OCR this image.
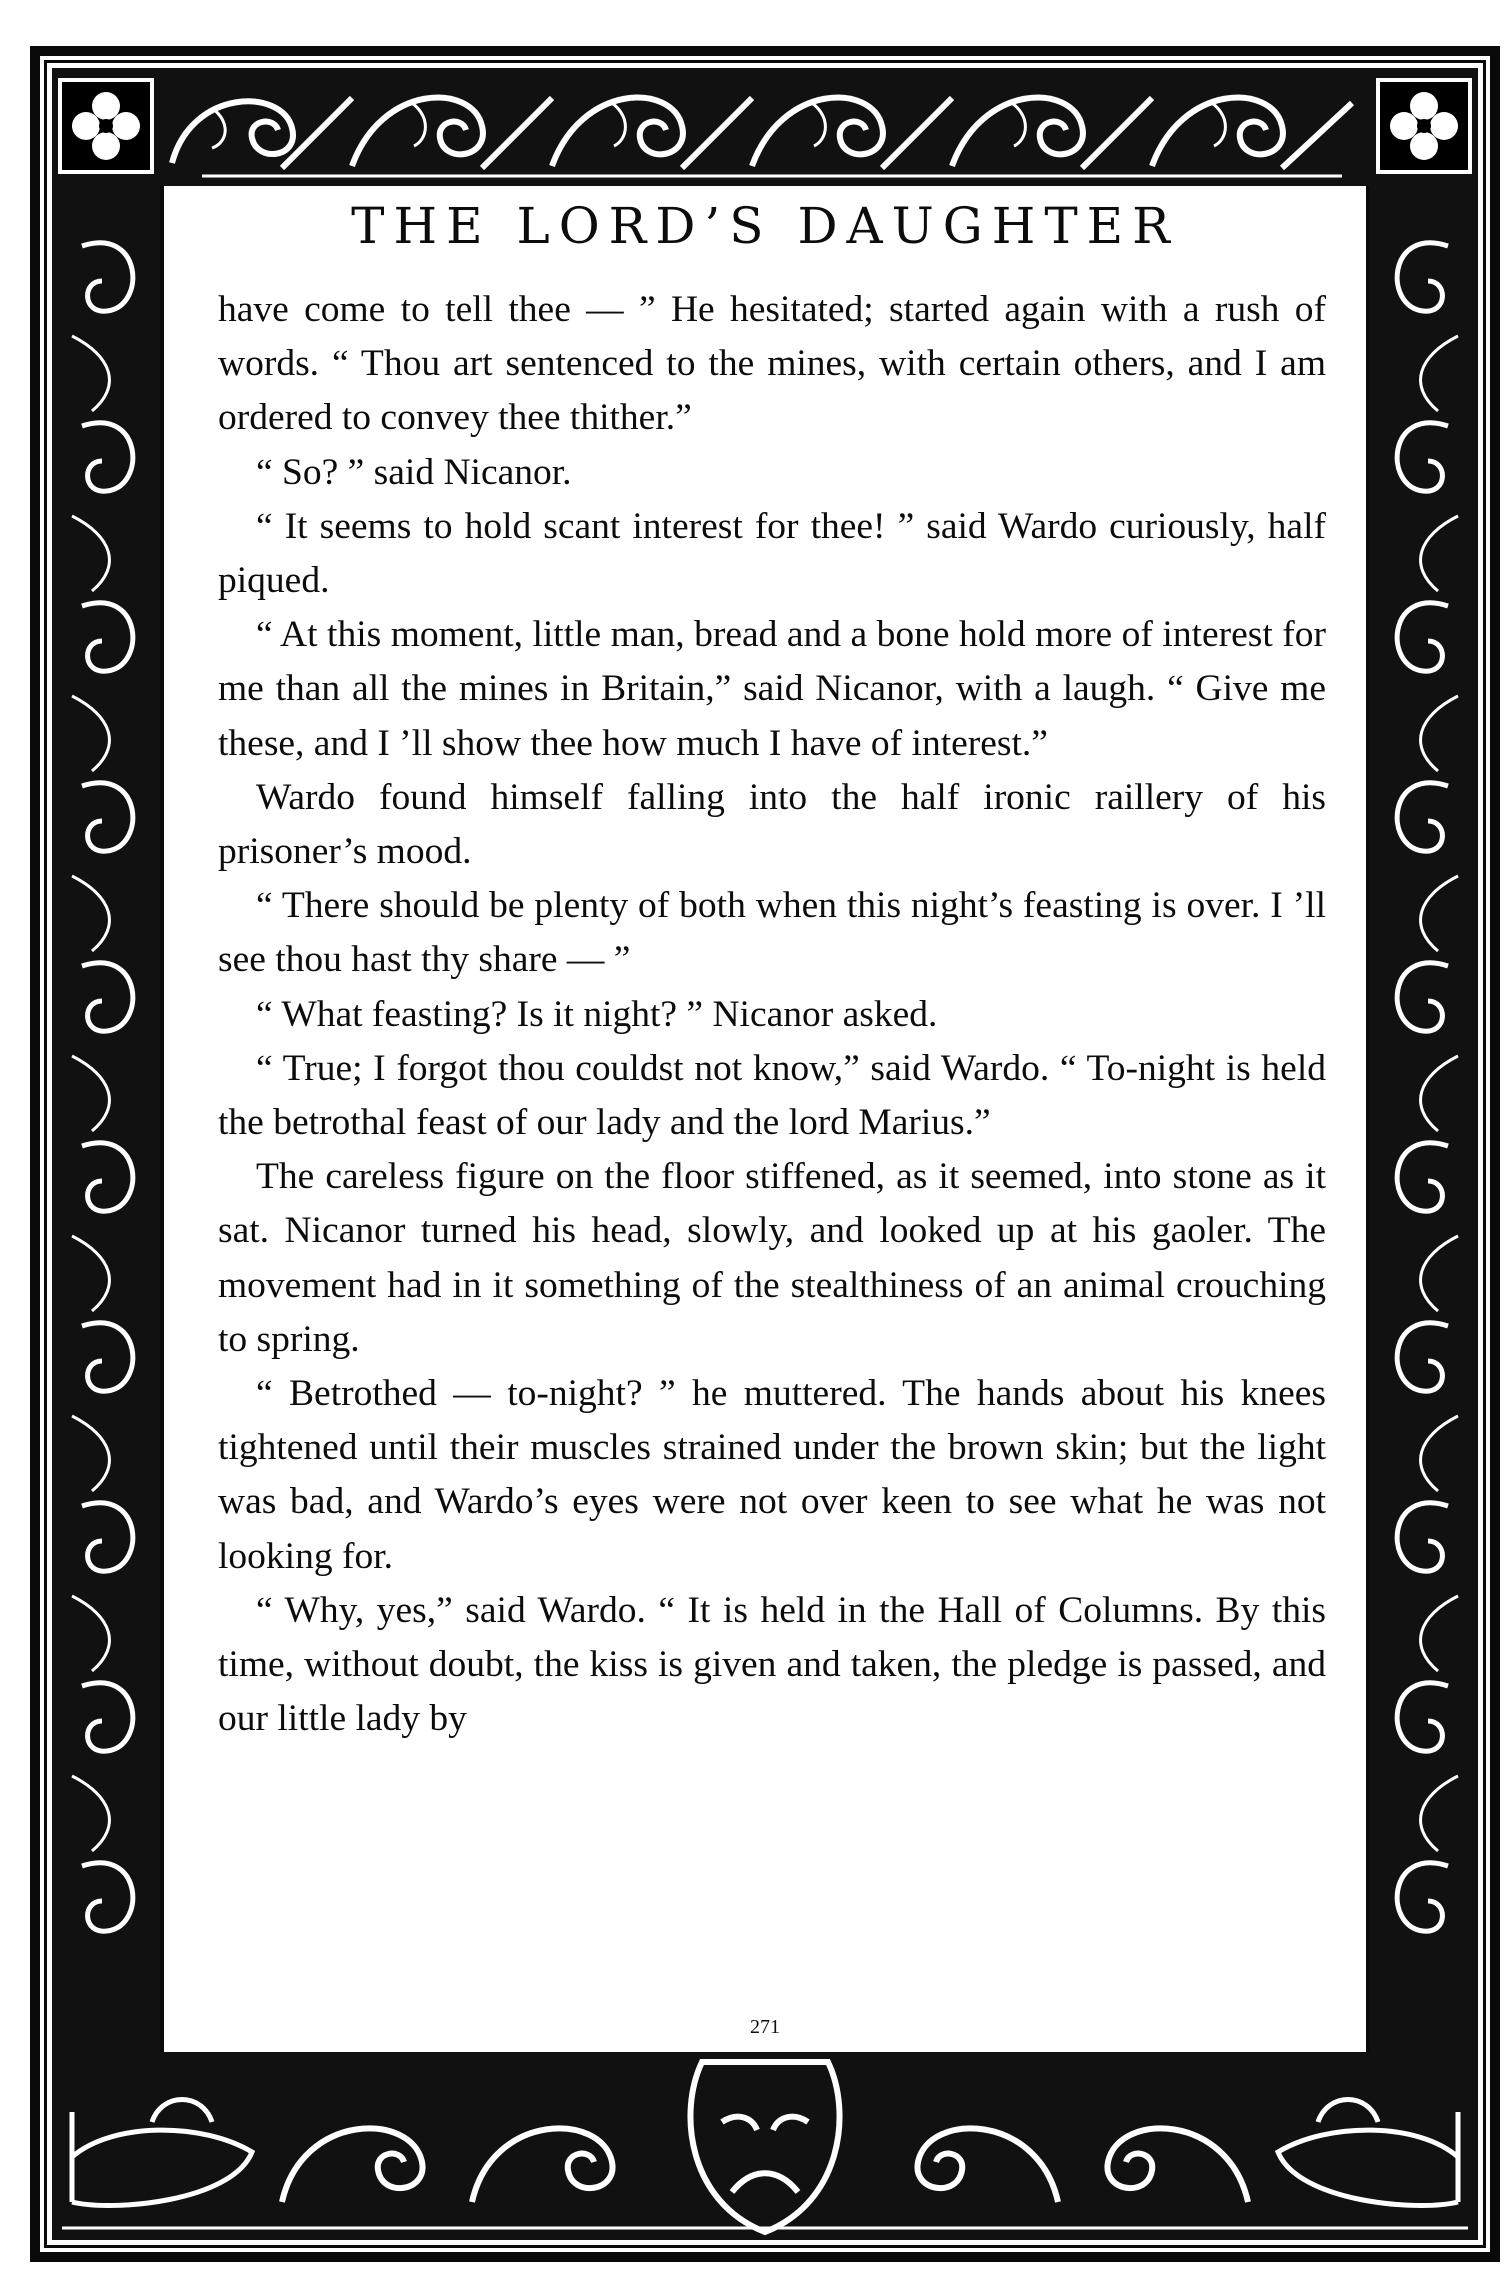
THE LORD’S DAUGHTER

have come to tell thee — ” He hesitated; started again with a rush of words. “ Thou art sentenced to the mines, with certain others, and I am ordered to convey thee thither.”

“ So? ” said Nicanor.

“ It seems to hold scant interest for thee! ” said Wardo curiously, half piqued.

“ At this moment, little man, bread and a bone hold more of interest for me than all the mines in Britain,” said Nicanor, with a laugh. “ Give me these, and I ’ll show thee how much I have of interest.”

Wardo found himself falling into the half ironic raillery of his prisoner’s mood.

“ There should be plenty of both when this night’s feasting is over. I ’ll see thou hast thy share — ”

“ What feasting? Is it night? ” Nicanor asked.

“ True; I forgot thou couldst not know,” said Wardo. “ To-night is held the betrothal feast of our lady and the lord Marius.”

The careless figure on the floor stiffened, as it seemed, into stone as it sat. Nicanor turned his head, slowly, and looked up at his gaoler. The movement had in it something of the stealthiness of an animal crouching to spring.

“ Betrothed — to-night? ” he muttered. The hands about his knees tightened until their muscles strained under the brown skin; but the light was bad, and Wardo’s eyes were not over keen to see what he was not looking for.

“ Why, yes,” said Wardo. “ It is held in the Hall of Columns. By this time, without doubt, the kiss is given and taken, the pledge is passed, and our little lady by

271
